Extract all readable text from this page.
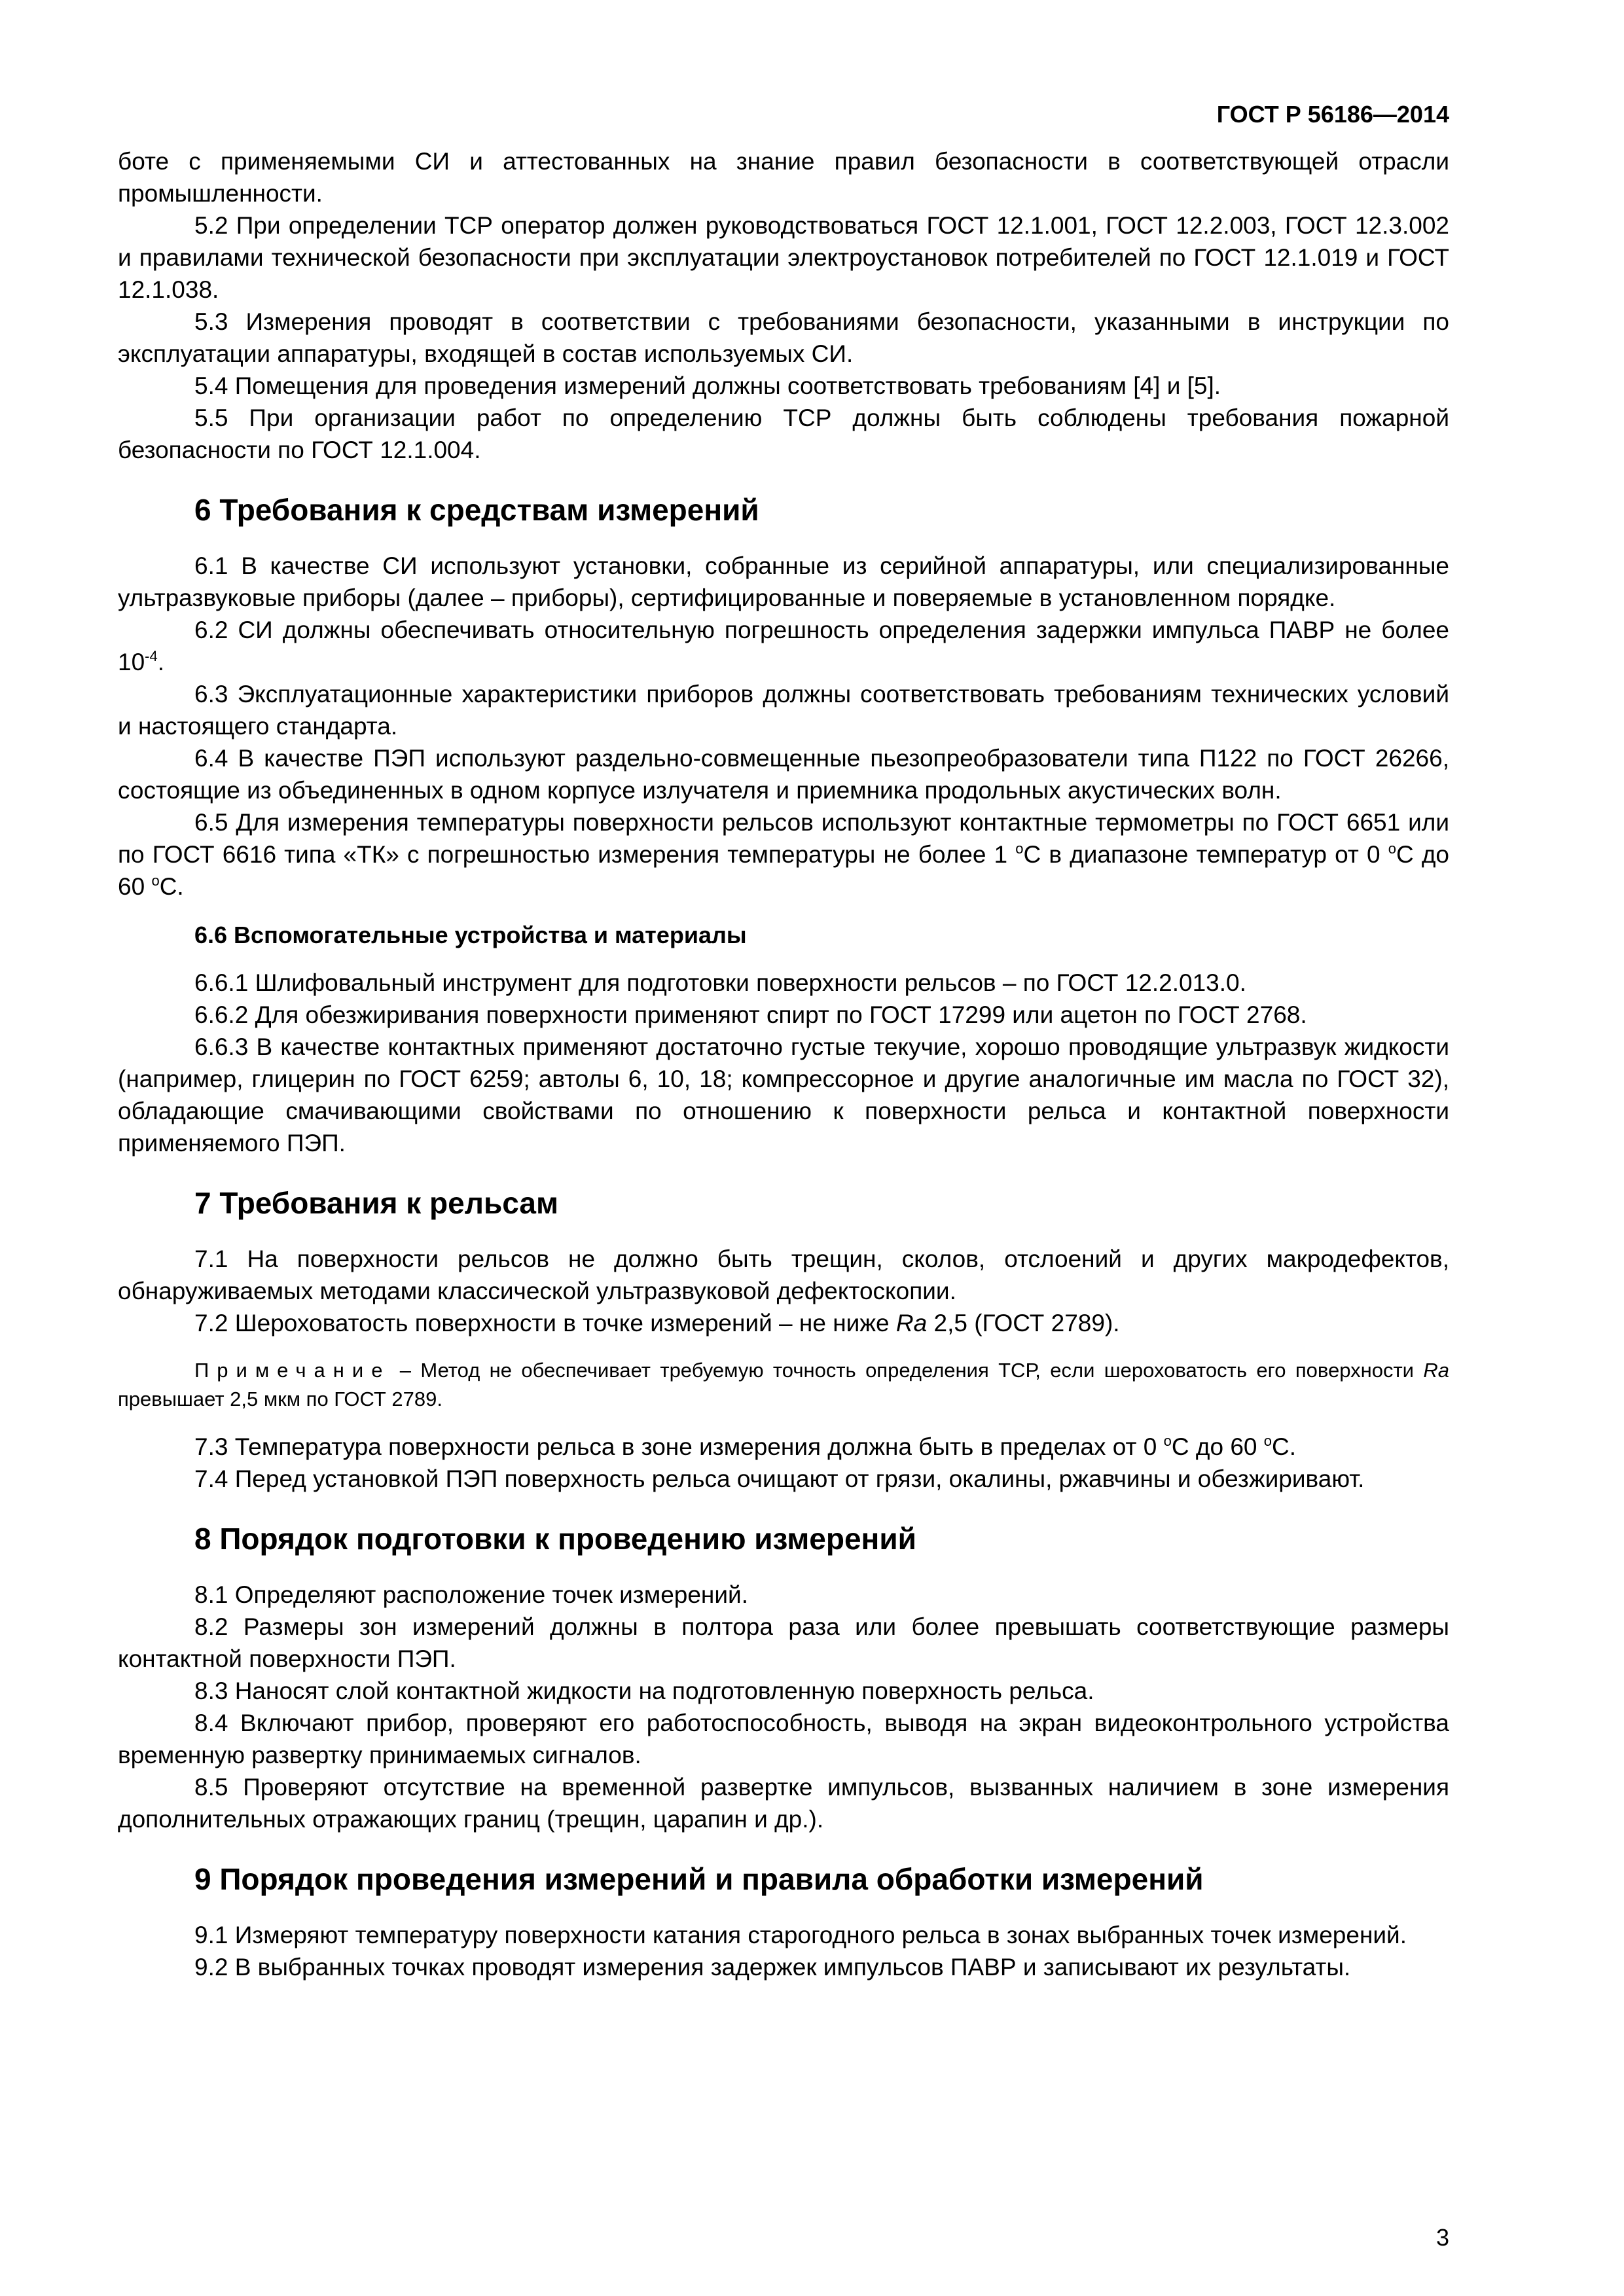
ГОСТ Р 56186—2014

боте с применяемыми СИ и аттестованных на знание правил безопасности в соответствующей отрасли промышленности.

5.2 При определении ТСР оператор должен руководствоваться ГОСТ 12.1.001, ГОСТ 12.2.003, ГОСТ 12.3.002 и правилами технической безопасности при эксплуатации электроустановок потребителей по ГОСТ 12.1.019 и ГОСТ 12.1.038.

5.3 Измерения проводят в соответствии с требованиями безопасности, указанными в инструкции по эксплуатации аппаратуры, входящей в состав используемых СИ.

5.4 Помещения для проведения измерений должны соответствовать требованиям [4] и [5].

5.5 При организации работ по определению ТСР должны быть соблюдены требования пожарной безопасности по ГОСТ 12.1.004.

6 Требования к средствам измерений

6.1 В качестве СИ используют установки, собранные из серийной аппаратуры, или специализированные ультразвуковые приборы (далее – приборы), сертифицированные и поверяемые в установленном порядке.

6.2 СИ должны обеспечивать относительную погрешность определения задержки импульса ПАВР не более $10^{-4}$.

6.3 Эксплуатационные характеристики приборов должны соответствовать требованиям технических условий и настоящего стандарта.

6.4 В качестве ПЭП используют раздельно-совмещенные пьезопреобразователи типа П122 по ГОСТ 26266, состоящие из объединенных в одном корпусе излучателя и приемника продольных акустических волн.

6.5 Для измерения температуры поверхности рельсов используют контактные термометры по ГОСТ 6651 или по ГОСТ 6616 типа «ТК» с погрешностью измерения температуры не более 1 $^о$С в диапазоне температур от 0 $^о$С до 60 $^о$С.

6.6 Вспомогательные устройства и материалы

6.6.1 Шлифовальный инструмент для подготовки поверхности рельсов – по ГОСТ 12.2.013.0.

6.6.2 Для обезжиривания поверхности применяют спирт по ГОСТ 17299 или ацетон по ГОСТ 2768.

6.6.3 В качестве контактных применяют достаточно густые текучие, хорошо проводящие ультразвук жидкости (например, глицерин по ГОСТ 6259; автолы 6, 10, 18; компрессорное и другие аналогичные им масла по ГОСТ 32), обладающие смачивающими свойствами по отношению к поверхности рельса и контактной поверхности применяемого ПЭП.

7 Требования к рельсам

7.1 На поверхности рельсов не должно быть трещин, сколов, отслоений и других макродефектов, обнаруживаемых методами классической ультразвуковой дефектоскопии.

7.2 Шероховатость поверхности в точке измерений – не ниже Ra 2,5 (ГОСТ 2789).

Примечание – Метод не обеспечивает требуемую точность определения ТСР, если шероховатость его поверхности Ra превышает 2,5 мкм по ГОСТ 2789.

7.3 Температура поверхности рельса в зоне измерения должна быть в пределах от 0 $^о$С до 60 $^о$С.

7.4 Перед установкой ПЭП поверхность рельса очищают от грязи, окалины, ржавчины и обезжиривают.

8 Порядок подготовки к проведению измерений

8.1 Определяют расположение точек измерений.

8.2 Размеры зон измерений должны в полтора раза или более превышать соответствующие размеры контактной поверхности ПЭП.

8.3 Наносят слой контактной жидкости на подготовленную поверхность рельса.

8.4 Включают прибор, проверяют его работоспособность, выводя на экран видеоконтрольного устройства временную развертку принимаемых сигналов.

8.5 Проверяют отсутствие на временной развертке импульсов, вызванных наличием в зоне измерения дополнительных отражающих границ (трещин, царапин и др.).

9 Порядок проведения измерений и правила обработки измерений

9.1 Измеряют температуру поверхности катания старогодного рельса в зонах выбранных точек измерений.

9.2 В выбранных точках проводят измерения задержек импульсов ПАВР и записывают их результаты.

3
